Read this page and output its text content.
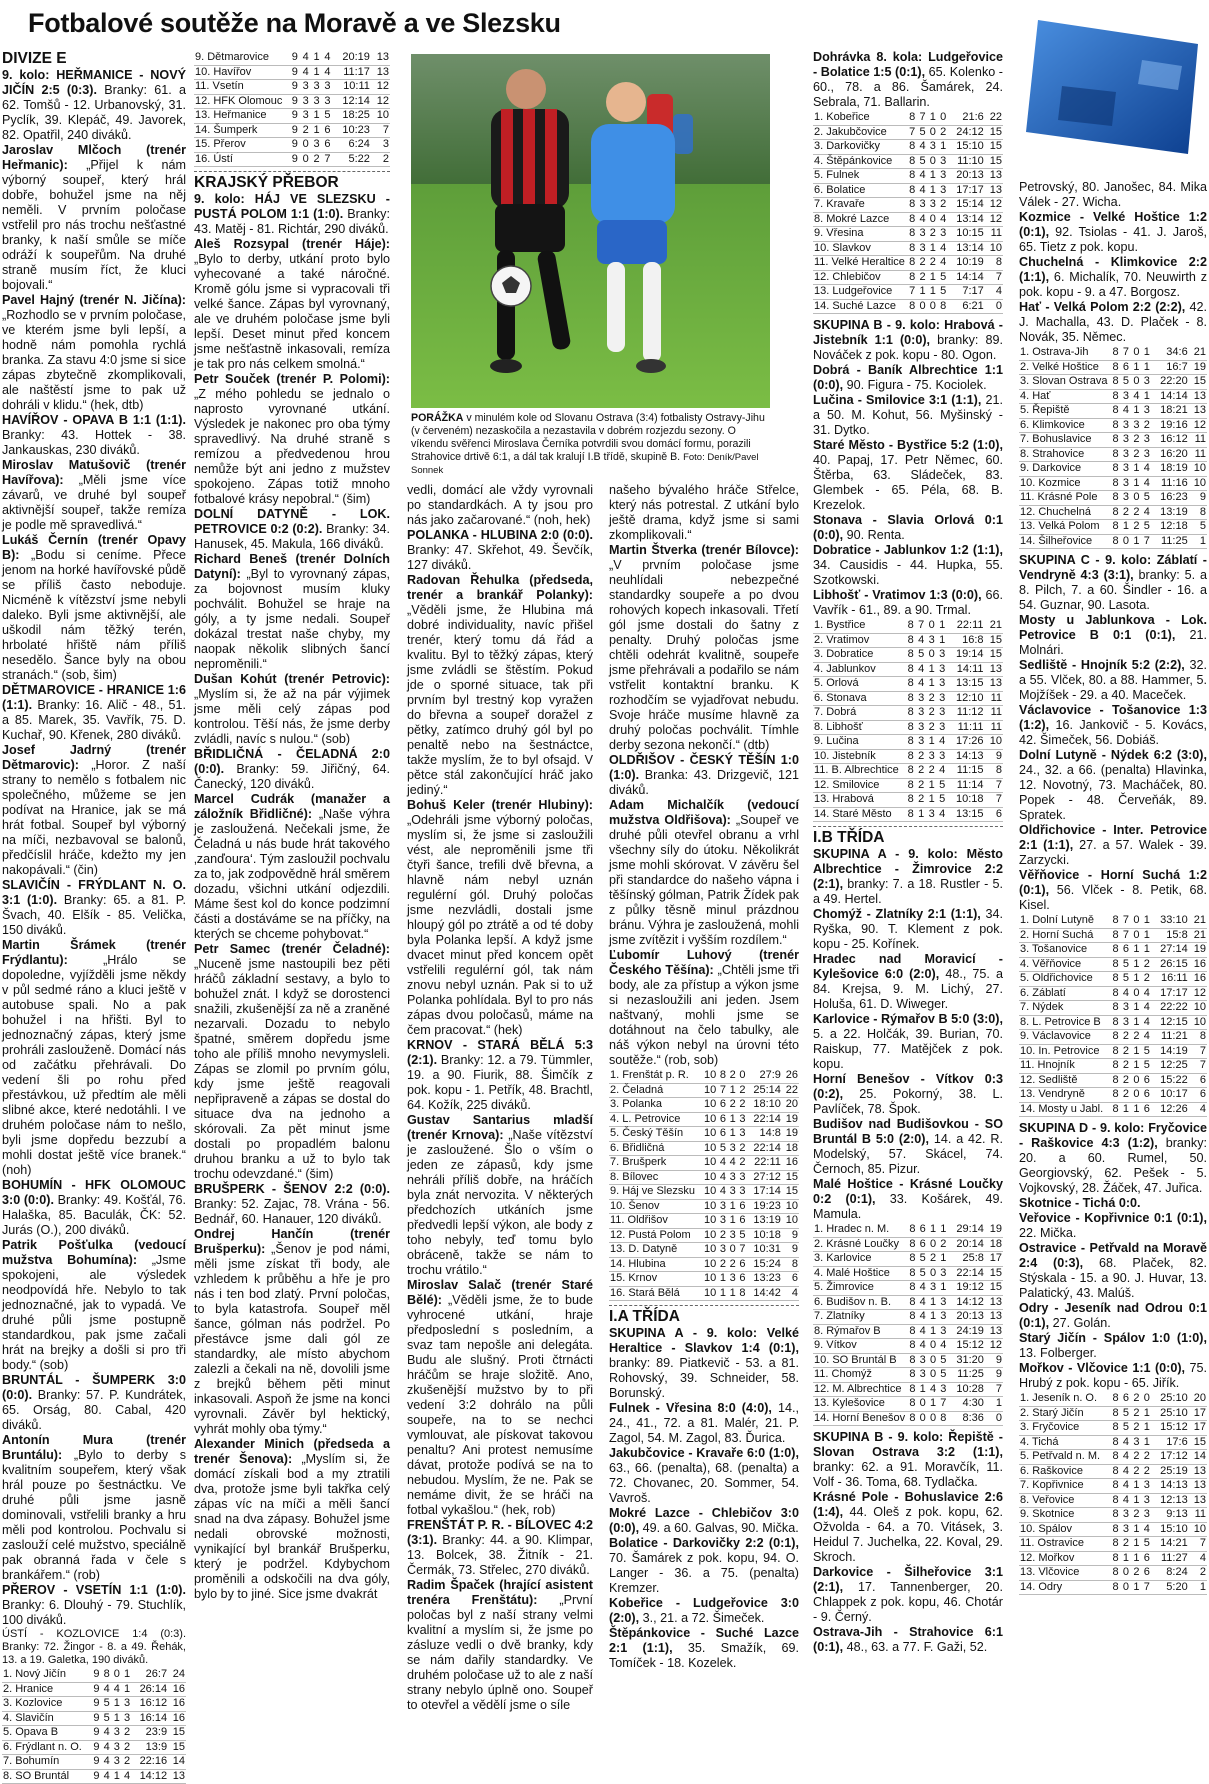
Fotbalové soutěže na Moravě a ve Slezsku
DIVIZE E

9. kolo: HEŘMANICE - NOVÝ JIČÍN 2:5 (0:3). Branky: 61. a 62. Tomšů - 12. Urbanovský, 31. Pyclík, 39. Klepáč, 49. Javorek, 82. Opatřil, 240 diváků.

Jaroslav Mlčoch (trenér Heřmanic): „Přijel k nám výborný soupeř, který hrál dobře, bohužel jsme na něj neměli. V prvním poločase vstřelil pro nás trochu nešťastné branky, k naší smůle se míče odráží k soupeřům. Na druhé straně musím říct, že kluci bojovali.“

Pavel Hajný (trenér N. Jičína): „Rozhodlo se v prvním poločase, ve kterém jsme byli lepší, a hodně nám pomohla rychlá branka. Za stavu 4:0 jsme si sice zápas zbytečně zkomplikovali, ale naštěstí jsme to pak už dohráli v klidu.“ (hek, dtb)

HAVÍŘOV - OPAVA B 1:1 (1:1). Branky: 43. Hottek - 38. Jankauskas, 230 diváků.

Miroslav Matušovič (trenér Havířova): „Měli jsme více závarů, ve druhé byl soupeř aktivnější soupeř, takže remíza je podle mě spravedlivá.“

Lukáš Černín (trenér Opavy B): „Bodu si ceníme. Přece jenom na horké havířovské půdě se příliš často neboduje. Nicméně k vítězství jsme nebyli daleko. Byli jsme aktivnější, ale uškodil nám těžký terén, hrbolaté hřiště nám příliš nesedělo. Šance byly na obou stranách.“ (sob, šim)

DĚTMAROVICE - HRANICE 1:6 (1:1). Branky: 16. Alič - 48., 51. a 85. Marek, 35. Vavřík, 75. D. Kuchař, 90. Křenek, 280 diváků.

Josef Jadrný (trenér Dětmarovic): „Horor. Z naší strany to nemělo s fotbalem nic společného, můžeme se jen podívat na Hranice, jak se má hrát fotbal. Soupeř byl výborný na míči, nezbavoval se balonů, předčíslil hráče, kdežto my jen nakopávali.“ (čin)

SLAVIČÍN - FRÝDLANT N. O. 3:1 (1:0). Branky: 65. a 81. P. Švach, 40. Elšík - 85. Velička, 150 diváků.

Martin Šrámek (trenér Frýdlantu): „Hrálo se dopoledne, vyjížděli jsme někdy v půl sedmé ráno a kluci ještě v autobuse spali. No a pak bohužel i na hřišti. Byl to jednoznačný zápas, který jsme prohráli zaslouženě. Domácí nás od začátku přehrávali. Do vedení šli po rohu před přestávkou, už předtím ale měli slibné akce, které nedotáhli. I ve druhém poločase nám to nešlo, byli jsme dopředu bezzubí a mohli dostat ještě více branek.“ (noh)

BOHUMÍN - HFK OLOMOUC 3:0 (0:0). Branky: 49. Košťál, 76. Halaška, 85. Baculák, ČK: 52. Jurás (O.), 200 diváků.

Patrik Pošťulka (vedoucí mužstva Bohumína): „Jsme spokojeni, ale výsledek neodpovídá hře. Nebylo to tak jednoznačné, jak to vypadá. Ve druhé půli jsme postupně standardkou, pak jsme začali hrát na brejky a došli si pro tři body.“ (sob)

BRUNTÁL - ŠUMPERK 3:0 (0:0). Branky: 57. P. Kundrátek, 65. Orság, 80. Cabal, 420 diváků.

Antonín Mura (trenér Bruntálu): „Bylo to derby s kvalitním soupeřem, který však hrál pouze po šestnáctku. Ve druhé půli jsme jasně dominovali, vstřelili branky a hru měli pod kontrolou. Pochvalu si zaslouží celé mužstvo, speciálně pak obranná řada v čele s brankářem.“ (rob)

PŘEROV - VSETÍN 1:1 (1:0). Branky: 6. Dlouhý - 79. Stuchlík, 100 diváků.

ÚSTÍ - KOZLOVICE 1:4 (0:3). Branky: 72. Žingor - 8. a 49. Řehák, 13. a 19. Galetka, 190 diváků.

1. Nový Jičín	9	8	0	1	26:7	24
2. Hranice	9	4	4	1	26:14	16
3. Kozlovice	9	5	1	3	16:12	16
4. Slavičín	9	5	1	3	16:14	16
5. Opava B	9	4	3	2	23:9	15
6. Frýdlant n. O.	9	4	3	2	13:9	15
7. Bohumín	9	4	3	2	22:16	14
8. SO Bruntál	9	4	1	4	14:12	13
9. Dětmarovice	9	4	1	4	20:19	13
10. Havířov	9	4	1	4	11:17	13
11. Vsetín	9	3	3	3	10:11	12
12. HFK Olomouc	9	3	3	3	12:14	12
13. Heřmanice	9	3	1	5	18:25	10
14. Šumperk	9	2	1	6	10:23	7
15. Přerov	9	0	3	6	6:24	3
16. Ústí	9	0	2	7	5:22	2
KRAJSKÝ PŘEBOR

9. kolo: HÁJ VE SLEZSKU - PUSTÁ POLOM 1:1 (1:0). Branky: 43. Matěj - 81. Richtár, 290 diváků.

Aleš Rozsypal (trenér Háje): „Bylo to derby, utkání proto bylo vyhecované a také náročné. Kromě gólu jsme si vypracovali tři velké šance. Zápas byl vyrovnaný, ale ve druhém poločase jsme byli lepší. Deset minut před koncem jsme nešťastně inkasovali, remíza je tak pro nás celkem smolná.“

Petr Souček (trenér P. Polomi): „Z mého pohledu se jednalo o naprosto vyrovnané utkání. Výsledek je nakonec pro oba týmy spravedlivý. Na druhé straně s remízou a předvedenou hrou nemůže být ani jedno z mužstev spokojeno. Zápas totiž mnoho fotbalové krásy nepobral.“ (šim)

DOLNÍ DATYNĚ - LOK. PETROVICE 0:2 (0:2). Branky: 34. Hanusek, 45. Makula, 166 diváků.

Richard Beneš (trenér Dolních Datyní): „Byl to vyrovnaný zápas, za bojovnost musím kluky pochválit. Bohužel se hraje na góly, a ty jsme nedali. Soupeř dokázal trestat naše chyby, my naopak několik slibných šancí neproměnili.“

Dušan Kohút (trenér Petrovic): „Myslím si, že až na pár výjimek jsme měli celý zápas pod kontrolou. Těší nás, že jsme derby zvládli, navíc s nulou.“ (sob)

BŘIDLIČNÁ - ČELADNÁ 2:0 (0:0). Branky: 59. Jiřičný, 64. Čanecký, 120 diváků.

Marcel Cudrák (manažer a záložník Břidličné): „Naše výhra je zasloužená. Nečekali jsme, že Čeladná u nás bude hrát takového ‚zanďoura‘. Tým zasloužil pochvalu za to, jak zodpovědně hrál směrem dozadu, všichni utkání odjezdili. Máme šest kol do konce podzimní části a dostáváme se na příčky, na kterých se chceme pohybovat.“

Petr Samec (trenér Čeladné): „Nuceně jsme nastoupili bez pěti hráčů základní sestavy, a bylo to bohužel znát. I když se dorostenci snažili, zkušenější za ně a zraněné nezarvali. Dozadu to nebylo špatné, směrem dopředu jsme toho ale příliš mnoho nevymysleli. Zápas se zlomil po prvním gólu, kdy jsme ještě reagovali nepřipraveně a zápas se dostal do situace dva na jednoho a skórovali. Za pět minut jsme dostali po propadlém balonu druhou branku a už to bylo tak trochu odevzdané.“ (šim)

BRUŠPERK - ŠENOV 2:2 (0:0). Branky: 52. Zajac, 78. Vrána - 56. Bednář, 60. Hanauer, 120 diváků.

Ondrej Hančín (trenér Brušperku): „Šenov je pod námi, měli jsme získat tři body, ale vzhledem k průběhu a hře je pro nás i ten bod zlatý. První poločas, to byla katastrofa. Soupeř měl šance, gólman nás podržel. Po přestávce jsme dali gól ze standardky, ale místo abychom zalezli a čekali na ně, dovolili jsme z brejků během pěti minut inkasovali. Aspoň že jsme na konci vyrovnali. Závěr byl hektický, vyhrát mohly oba týmy.“

Alexander Minich (předseda a trenér Šenova): „Myslím si, že domácí získali bod a my ztratili dva, protože jsme byli takřka celý zápas víc na míči a měli šancí snad na dva zápasy. Bohužel jsme nedali obrovské možnosti, vynikající byl brankář Brušperku, který je podržel. Kdybychom proměnili a odskočili na dva góly, bylo by to jiné. Sice jsme dvakrát

PORÁŽKA v minulém kole od Slovanu Ostrava (3:4) fotbalisty Ostravy-Jihu (v červeném) nezaskočila a nezastavila v dobrém rozjezdu sezony. O víkendu svěřenci Miroslava Černíka potvrdili svou domácí formu, porazili Strahovice drtivě 6:1, a dál tak kralují I.B třídě, skupině B. Foto: Deník/Pavel Sonnek

vedli, domácí ale vždy vyrovnali po standardkách. A ty jsou pro nás jako začarované.“ (noh, hek)

POLANKA - HLUBINA 2:0 (0:0). Branky: 47. Skřehot, 49. Ševčík, 127 diváků.

Radovan Řehulka (předseda, trenér a brankář Polanky): „Věděli jsme, že Hlubina má dobré individuality, navíc přišel trenér, který tomu dá řád a kvalitu. Byl to těžký zápas, který jsme zvládli se štěstím. Pokud jde o sporné situace, tak při prvním byl trestný kop vyražen do břevna a soupeř doražel z pětky, zatímco druhý gól byl po penaltě nebo na šestnáctce, takže myslím, že to byl ofsajd. V pětce stál zakončující hráč jako jediný.“

Bohuš Keler (trenér Hlubiny): „Odehráli jsme výborný poločas, myslím si, že jsme si zasloužili vést, ale neproměnili jsme tři čtyři šance, trefili dvě břevna, a hlavně nám nebyl uznán regulérní gól. Druhý poločas jsme nezvládli, dostali jsme hloupý gól po ztrátě a od té doby byla Polanka lepší. A když jsme dvacet minut před koncem opět vstřelili regulérní gól, tak nám znovu nebyl uznán. Pak si to už Polanka pohlídala. Byl to pro nás zápas dvou poločasů, máme na čem pracovat.“ (hek)

KRNOV - STARÁ BĚLÁ 5:3 (2:1). Branky: 12. a 79. Tümmler, 19. a 90. Fiurik, 88. Šimčík z pok. kopu - 1. Petřík, 48. Brachtl, 64. Kožík, 225 diváků.

Gustav Santarius mladší (trenér Krnova): „Naše vítězství je zasloužené. Šlo o vším o jeden ze zápasů, kdy jsme nehráli příliš dobře, na hráčích byla znát nervozita. V některých předchozích utkáních jsme předvedli lepší výkon, ale body z toho nebyly, teď tomu bylo obráceně, takže se nám to trochu vrátilo.“

Miroslav Salač (trenér Staré Bělé): „Věděli jsme, že to bude vyhrocené utkání, hraje předposlední s posledním, a svaz tam nepošle ani delegáta. Budu ale slušný. Proti čtrnácti hráčům se hraje složitě. Ano, zkušenější mužstvo by to při vedení 3:2 dohrálo na půli soupeře, na to se nechci vymlouvat, ale pískovat takovou penaltu? Ani protest nemusíme dávat, protože podívá se na to nebudou. Myslím, že ne. Pak se nemáme divit, že se hráči na fotbal vykašlou.“ (hek, rob)

FRENŠTÁT P. R. - BÍLOVEC 4:2 (3:1). Branky: 44. a 90. Klimpar, 13. Bolcek, 38. Žitník - 21. Čermák, 73. Střelec, 270 diváků.

Radim Špaček (hrající asistent trenéra Frenštátu): „První poločas byl z naší strany velmi kvalitní a myslím si, že jsme po zásluze vedli o dvě branky, kdy se nám dařily standardky. Ve druhém poločase už to ale z naší strany nebylo úplně ono. Soupeř to otevřel a vědělí jsme o síle

našeho bývalého hráče Střelce, který nás potrestal. Z utkání bylo ještě drama, když jsme si sami zkomplikovali.“

Martin Štverka (trenér Bílovce): „V prvním poločase jsme neuhlídali nebezpečné standardky soupeře a po dvou rohových kopech inkasovali. Třetí gól jsme dostali do šatny z penalty. Druhý poločas jsme chtěli odehrát kvalitně, soupeře jsme přehrávali a podařilo se nám vstřelit kontaktní branku. K rozhodčím se vyjadřovat nebudu. Svoje hráče musíme hlavně za druhý poločas pochválit. Tímhle derby sezona nekončí.“ (dtb)

OLDŘIŠOV - ČESKÝ TĚŠÍN 1:0 (1:0). Branka: 43. Drizgevič, 121 diváků.

Adam Michalčík (vedoucí mužstva Oldřišova): „Soupeř ve druhé půli otevřel obranu a vrhl všechny síly do útoku. Několikrát jsme mohli skórovat. V závěru šel při standardce do našeho vápna i těšínský gólman, Patrik Žídek pak z půlky těsně minul prázdnou bránu. Výhra je zasloužená, mohli jsme zvítězit i vyšším rozdílem.“

Ľubomír Luhový (trenér Českého Těšína): „Chtěli jsme tři body, ale za přístup a výkon jsme si nezasloužili ani jeden. Jsem naštvaný, mohli jsme se dotáhnout na čelo tabulky, ale náš výkon nebyl na úrovni této soutěže.“ (rob, sob)

1. Frenštát p. R.	10	8	2	0	27:9	26
2. Čeladná	10	7	1	2	25:14	22
3. Polanka	10	6	2	2	18:10	20
4. L. Petrovice	10	6	1	3	22:14	19
5. Český Těšín	10	6	1	3	14:8	19
6. Břidličná	10	5	3	2	22:14	18
7. Brušperk	10	4	4	2	22:11	16
8. Bílovec	10	4	3	3	27:12	15
9. Háj ve Slezsku	10	4	3	3	17:14	15
10. Šenov	10	3	1	6	19:23	10
11. Oldřišov	10	3	1	6	13:19	10
12. Pustá Polom	10	2	3	5	10:18	9
13. D. Datyně	10	3	0	7	10:31	9
14. Hlubina	10	2	2	6	15:24	8
15. Krnov	10	1	3	6	13:23	6
16. Stará Bělá	10	1	1	8	14:42	4
I.A TŘÍDA

SKUPINA A - 9. kolo: Velké Heraltice - Slavkov 1:4 (0:1), branky: 89. Piatkevič - 53. a 81. Rohovský, 39. Schneider, 58. Borunský.

Fulnek - Vřesina 8:0 (4:0), 14., 24., 41., 72. a 81. Malér, 21. P. Zagol, 54. M. Zagol, 83. Ďurica.

Jakubčovice - Kravaře 6:0 (1:0), 63., 66. (penalta), 68. (penalta) a 72. Chovanec, 20. Sommer, 54. Vavroš.

Mokré Lazce - Chlebičov 3:0 (0:0), 49. a 60. Galvas, 90. Mička.

Bolatice - Darkovičky 2:2 (0:1), 70. Šamárek z pok. kopu, 94. O. Langer - 36. a 75. (penalta) Kremzer.

Kobeřice - Ludgeřovice 3:0 (2:0), 3., 21. a 72. Šimeček.

Štěpánkovice - Suché Lazce 2:1 (1:1), 35. Smažík, 69. Tomíček - 18. Kozelek.

Dohrávka 8. kola: Ludgeřovice - Bolatice 1:5 (0:1), 65. Kolenko - 60., 78. a 86. Šamárek, 24. Sebrala, 71. Ballarin.

1. Kobeřice	8	7	1	0	21:6	22
2. Jakubčovice	7	5	0	2	24:12	15
3. Darkovičky	8	4	3	1	15:10	15
4. Štěpánkovice	8	5	0	3	11:10	15
5. Fulnek	8	4	1	3	20:13	13
6. Bolatice	8	4	1	3	17:17	13
7. Kravaře	8	3	3	2	15:14	12
8. Mokré Lazce	8	4	0	4	13:14	12
9. Vřesina	8	3	2	3	10:15	11
10. Slavkov	8	3	1	4	13:14	10
11. Velké Heraltice	8	2	2	4	10:19	8
12. Chlebičov	8	2	1	5	14:14	7
13. Ludgeřovice	7	1	1	5	7:17	4
14. Suché Lazce	8	0	0	8	6:21	0

SKUPINA B - 9. kolo: Hrabová - Jistebník 1:1 (0:0), branky: 89. Nováček z pok. kopu - 80. Ogon.

Dobrá - Baník Albrechtice 1:1 (0:0), 90. Figura - 75. Kociolek.

Lučina - Smilovice 3:1 (1:1), 21. a 50. M. Kohut, 56. Myšinský - 31. Dytko.

Staré Město - Bystřice 5:2 (1:0), 40. Papaj, 17. Petr Němec, 60. Štěrba, 63. Sládeček, 83. Glembek - 65. Péla, 68. B. Krezelok.

Stonava - Slavia Orlová 0:1 (0:0), 90. Renta.

Dobratice - Jablunkov 1:2 (1:1), 34. Causidis - 44. Hupka, 55. Szotkowski.

Libhošť - Vratimov 1:3 (0:0), 66. Vavřík - 61., 89. a 90. Trmal.

1. Bystřice	8	7	0	1	22:11	21
2. Vratimov	8	4	3	1	16:8	15
3. Dobratice	8	5	0	3	19:14	15
4. Jablunkov	8	4	1	3	14:11	13
5. Orlová	8	4	1	3	13:15	13
6. Stonava	8	3	2	3	12:10	11
7. Dobrá	8	3	2	3	11:12	11
8. Libhošť	8	3	2	3	11:11	11
9. Lučina	8	3	1	4	17:26	10
10. Jistebník	8	2	3	3	14:13	9
11. B. Albrechtice	8	2	2	4	11:15	8
12. Smilovice	8	2	1	5	11:14	7
13. Hrabová	8	2	1	5	10:18	7
14. Staré Město	8	1	3	4	13:15	6
I.B TŘÍDA

SKUPINA A - 9. kolo: Město Albrechtice - Žimrovice 2:2 (2:1), branky: 7. a 18. Rustler - 5. a 49. Hertel.

Chomýž - Zlatníky 2:1 (1:1), 34. Ryška, 90. T. Klement z pok. kopu - 25. Kořínek.

Hradec nad Moravicí - Kylešovice 6:0 (2:0), 48., 75. a 84. Krejsa, 9. M. Lichý, 27. Holuša, 61. D. Wiweger.

Karlovice - Rýmařov B 5:0 (3:0), 5. a 22. Holčák, 39. Burian, 70. Raiskup, 77. Matějček z pok. kopu.

Horní Benešov - Vítkov 0:3 (0:2), 25. Pokorný, 38. L. Pavlíček, 78. Špok.

Budišov nad Budišovkou - SO Bruntál B 5:0 (2:0), 14. a 42. R. Modelský, 57. Skácel, 74. Černoch, 85. Pizur.

Malé Hoštice - Krásné Loučky 0:2 (0:1), 33. Košárek, 49. Mamula.

1. Hradec n. M.	8	6	1	1	29:14	19
2. Krásné Loučky	8	6	0	2	20:14	18
3. Karlovice	8	5	2	1	25:8	17
4. Malé Hoštice	8	5	0	3	22:14	15
5. Žimrovice	8	4	3	1	19:12	15
6. Budišov n. B.	8	4	1	3	14:12	13
7. Zlatníky	8	4	1	3	20:13	13
8. Rýmařov B	8	4	1	3	24:19	13
9. Vítkov	8	4	0	4	15:12	12
10. SO Bruntál B	8	3	0	5	31:20	9
11. Chomýž	8	3	0	5	11:25	9
12. M. Albrechtice	8	1	4	3	10:28	7
13. Kylešovice	8	0	1	7	4:30	1
14. Horní Benešov	8	0	0	8	8:36	0

SKUPINA B - 9. kolo: Řepiště - Slovan Ostrava 3:2 (1:1), branky: 62. a 91. Moravčík, 11. Volf - 36. Toma, 68. Tydlačka.

Krásné Pole - Bohuslavice 2:6 (1:4), 44. Oleš z pok. kopu, 62. Ožvolda - 64. a 70. Vitásek, 3. Heidul 7. Juchelka, 22. Koval, 29. Skroch.

Darkovice - Šilheřovice 3:1 (2:1), 17. Tannenberger, 20. Chlappek z pok. kopu, 46. Chotár - 9. Černý.

Ostrava-Jih - Strahovice 6:1 (0:1), 48., 63. a 77. F. Gaži, 52.

Petrovský, 80. Janošec, 84. Mika Válek - 27. Wicha.

Kozmice - Velké Hoštice 1:2 (0:1), 92. Tsiolas - 41. J. Jaroš, 65. Tietz z pok. kopu.

Chuchelná - Klimkovice 2:2 (1:1), 6. Michalík, 70. Neuwirth z pok. kopu - 9. a 47. Borgosz.

Hať - Velká Polom 2:2 (2:2), 42. J. Machalla, 43. D. Plaček - 8. Novák, 35. Němec.

1. Ostrava-Jih	8	7	0	1	34:6	21
2. Velké Hoštice	8	6	1	1	16:7	19
3. Slovan Ostrava	8	5	0	3	22:20	15
4. Hať	8	3	4	1	14:14	13
5. Řepiště	8	4	1	3	18:21	13
6. Klimkovice	8	3	3	2	19:16	12
7. Bohuslavice	8	3	2	3	16:12	11
8. Strahovice	8	3	2	3	16:20	11
9. Darkovice	8	3	1	4	18:19	10
10. Kozmice	8	3	1	4	11:16	10
11. Krásné Pole	8	3	0	5	16:23	9
12. Chuchelná	8	2	2	4	13:19	8
13. Velká Polom	8	1	2	5	12:18	5
14. Šilheřovice	8	0	1	7	11:25	1

SKUPINA C - 9. kolo: Záblatí - Vendryně 4:3 (3:1), branky: 5. a 8. Pilch, 7. a 60. Šindler - 16. a 54. Guznar, 90. Lasota.

Mosty u Jablunkova - Lok. Petrovice B 0:1 (0:1), 21. Molnári.

Sedliště - Hnojník 5:2 (2:2), 32. a 55. Vlček, 80. a 88. Hammer, 5. Mojžíšek - 29. a 40. Maceček.

Václavovice - Tošanovice 1:3 (1:2), 16. Jankovič - 5. Kovács, 42. Šimeček, 56. Dobiáš.

Dolní Lutyně - Nýdek 6:2 (3:0), 24., 32. a 66. (penalta) Hlavinka, 12. Novotný, 73. Macháček, 80. Popek - 48. Červeňák, 89. Spratek.

Oldřichovice - Inter. Petrovice 2:1 (1:1), 27. a 57. Walek - 39. Zarzycki.

Věřňovice - Horní Suchá 1:2 (0:1), 56. Vlček - 8. Petik, 68. Kisel.

1. Dolní Lutyně	8	7	0	1	33:10	21
2. Horní Suchá	8	7	0	1	15:8	21
3. Tošanovice	8	6	1	1	27:14	19
4. Věřňovice	8	5	1	2	26:15	16
5. Oldřichovice	8	5	1	2	16:11	16
6. Záblatí	8	4	0	4	17:17	12
7. Nýdek	8	3	1	4	22:22	10
8. L. Petrovice B	8	3	1	4	12:15	10
9. Václavovice	8	2	2	4	11:21	8
10. In. Petrovice	8	2	1	5	14:19	7
11. Hnojník	8	2	1	5	12:25	7
12. Sedliště	8	2	0	6	15:22	6
13. Vendryně	8	2	0	6	10:17	6
14. Mosty u Jabl.	8	1	1	6	12:26	4

SKUPINA D - 9. kolo: Fryčovice - Raškovice 4:3 (1:2), branky: 20. a 60. Rumel, 50. Georgiovský, 62. Pešek - 5. Vojkovský, 28. Žáček, 47. Juřica.

Skotnice - Tichá 0:0.

Veřovice - Kopřivnice 0:1 (0:1), 22. Mička.

Ostravice - Petřvald na Moravě 2:4 (0:3), 68. Plaček, 82. Stýskala - 15. a 90. J. Huvar, 13. Palatický, 43. Malúš.

Odry - Jeseník nad Odrou 0:1 (0:1), 27. Golán.

Starý Jičín - Spálov 1:0 (1:0), 13. Folberger.

Mořkov - Vlčovice 1:1 (0:0), 75. Hrubý z pok. kopu - 65. Jiřík.

1. Jeseník n. O.	8	6	2	0	25:10	20
2. Starý Jičín	8	5	2	1	25:10	17
3. Fryčovice	8	5	2	1	15:12	17
4. Tichá	8	4	3	1	17:6	15
5. Petřvald n. M.	8	4	2	2	17:12	14
6. Raškovice	8	4	2	2	25:19	13
7. Kopřivnice	8	4	1	3	14:13	13
8. Veřovice	8	4	1	3	12:13	13
9. Skotnice	8	3	2	3	9:13	11
10. Spálov	8	3	1	4	15:10	10
11. Ostravice	8	2	1	5	14:21	7
12. Mořkov	8	1	1	6	11:27	4
13. Vlčovice	8	0	2	6	8:24	2
14. Odry	8	0	1	7	5:20	1
